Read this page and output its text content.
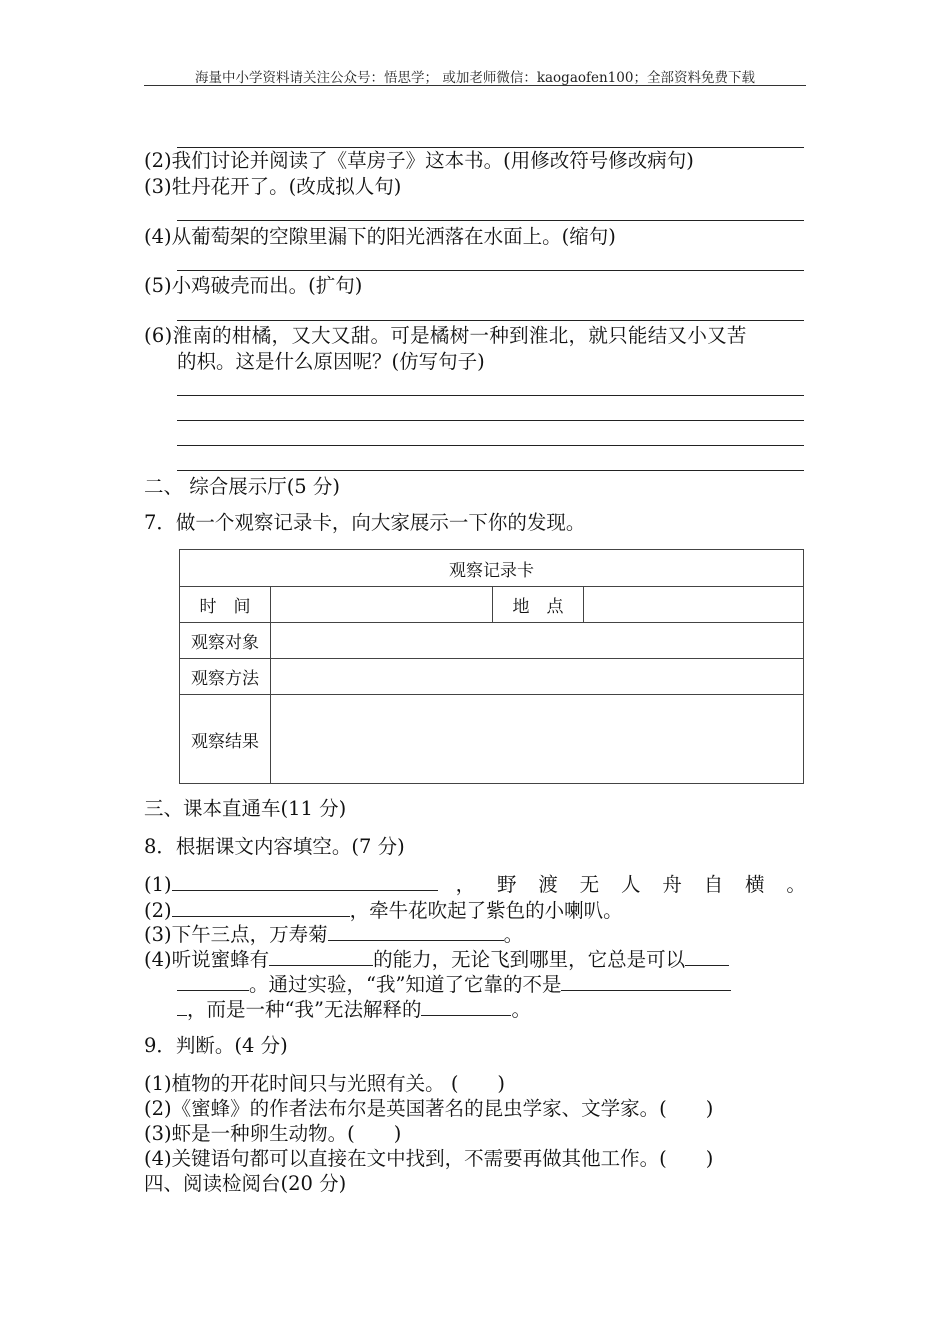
海量中小学资料请关注公众号：悟思学； 或加老师微信：kaogaofen100；全部资料免费下载
(2)我们讨论并阅读了《草房子》这本书。(用修改符号修改病句)
(3)牡丹花开了。(改成拟人句)
(4)从葡萄架的空隙里漏下的阳光洒落在水面上。(缩句)
(5)小鸡破壳而出。(扩句)
(6)淮南的柑橘，又大又甜。可是橘树一种到淮北，就只能结又小又苦
的枳。这是什么原因呢？(仿写句子)
二、 综合展示厅(5 分)
7．做一个观察记录卡，向大家展示一下你的发现。
观察记录卡			
时　间		地　点	
观察对象			
观察方法			
观察结果			
三、课本直通车(11 分)
8．根据课文内容填空。(7 分)
(1)	， 野 渡 无 人 舟 自 横 。
(2)	，牵牛花吹起了紫色的小喇叭。
(3)下午三点，万寿菊	。
(4)听说蜜蜂有	的能力，无论飞到哪里，它总是可以
。通过实验，“我”知道了它靠的不是
，而是一种“我”无法解释的	。
9．判断。(4 分)
(1)植物的开花时间只与光照有关。 (　　)
(2)《蜜蜂》的作者法布尔是英国著名的昆虫学家、文学家。(　　)
(3)虾是一种卵生动物。(　　)
(4)关键语句都可以直接在文中找到，不需要再做其他工作。(　　)
四、阅读检阅台(20 分)
